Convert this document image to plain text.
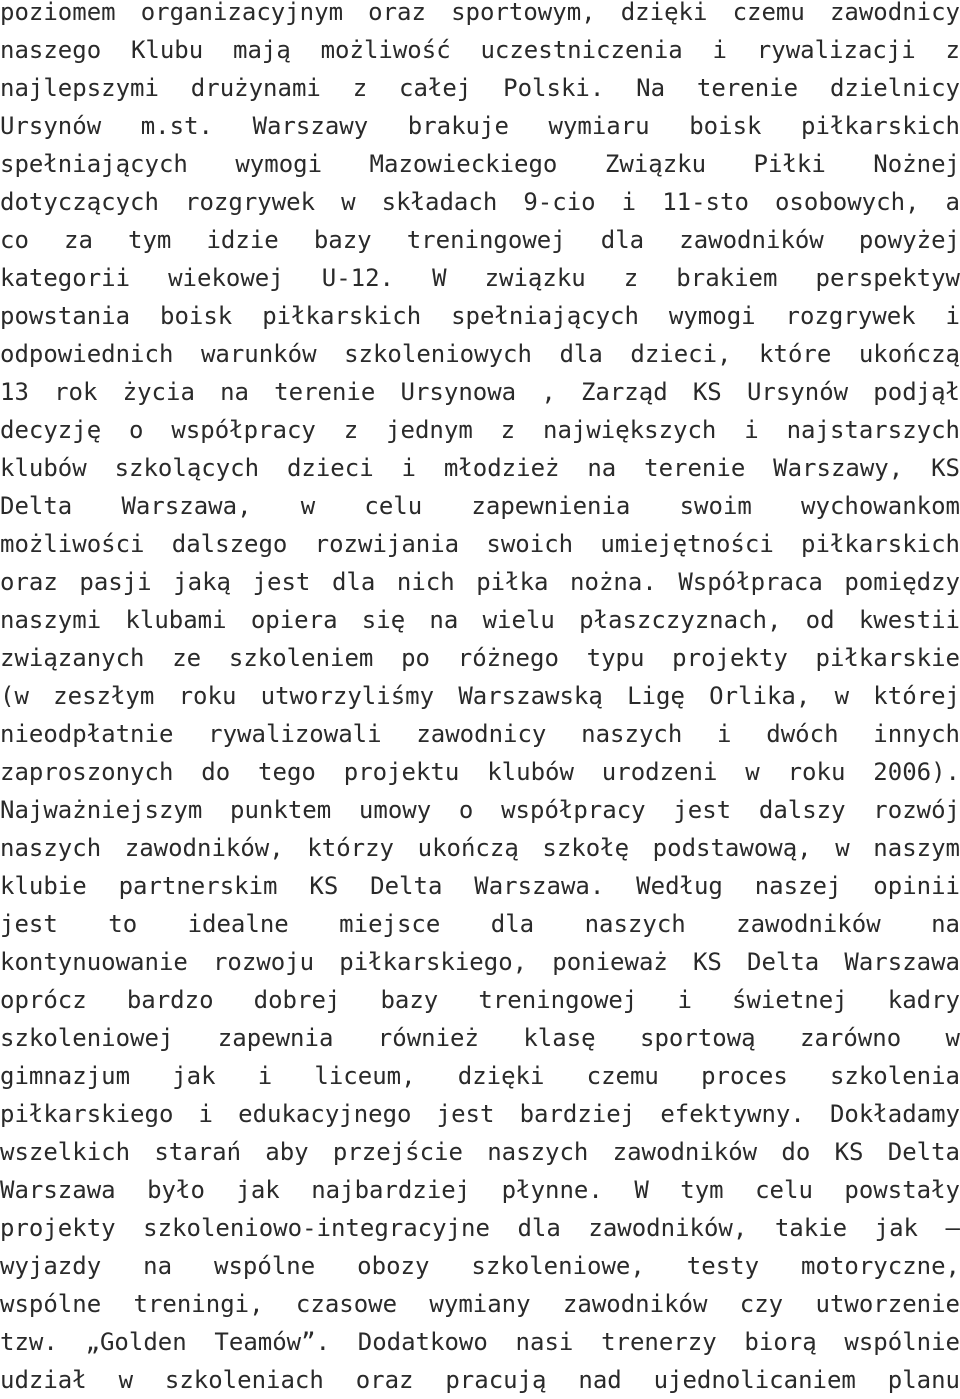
poziomem organizacyjnym oraz sportowym, dzięki czemu zawodnicy
naszego Klubu mają możliwość uczestniczenia i rywalizacji z
najlepszymi drużynami z całej Polski. Na terenie dzielnicy
Ursynów m.st. Warszawy brakuje wymiaru boisk piłkarskich
spełniających wymogi Mazowieckiego Związku Piłki Nożnej
dotyczących rozgrywek w składach 9-cio i 11-sto osobowych, a
co za tym idzie bazy treningowej dla zawodników powyżej
kategorii wiekowej U-12. W związku z brakiem perspektyw
powstania boisk piłkarskich spełniających wymogi rozgrywek i
odpowiednich warunków szkoleniowych dla dzieci, które ukończą
13 rok życia na terenie Ursynowa , Zarząd KS Ursynów podjął
decyzję o współpracy z jednym z największych i najstarszych
klubów szkolących dzieci i młodzież na terenie Warszawy, KS
Delta Warszawa, w celu zapewnienia swoim wychowankom
możliwości dalszego rozwijania swoich umiejętności piłkarskich
oraz pasji jaką jest dla nich piłka nożna. Współpraca pomiędzy
naszymi klubami opiera się na wielu płaszczyznach, od kwestii
związanych ze szkoleniem po różnego typu projekty piłkarskie
(w zeszłym roku utworzyliśmy Warszawską Ligę Orlika, w której
nieodpłatnie rywalizowali zawodnicy naszych i dwóch innych
zaproszonych do tego projektu klubów urodzeni w roku 2006).
Najważniejszym punktem umowy o współpracy jest dalszy rozwój
naszych zawodników, którzy ukończą szkołę podstawową, w naszym
klubie partnerskim KS Delta Warszawa. Według naszej opinii
jest to idealne miejsce dla naszych zawodników na
kontynuowanie rozwoju piłkarskiego, ponieważ KS Delta Warszawa
oprócz bardzo dobrej bazy treningowej i świetnej kadry
szkoleniowej zapewnia również klasę sportową zarówno w
gimnazjum jak i liceum, dzięki czemu proces szkolenia
piłkarskiego i edukacyjnego jest bardziej efektywny. Dokładamy
wszelkich starań aby przejście naszych zawodników do KS Delta
Warszawa było jak najbardziej płynne. W tym celu powstały
projekty szkoleniowo-integracyjne dla zawodników, takie jak –
wyjazdy na wspólne obozy szkoleniowe, testy motoryczne,
wspólne treningi, czasowe wymiany zawodników czy utworzenie
tzw. „Golden Teamów”. Dodatkowo nasi trenerzy biorą wspólnie
udział w szkoleniach oraz pracują nad ujednolicaniem planu
